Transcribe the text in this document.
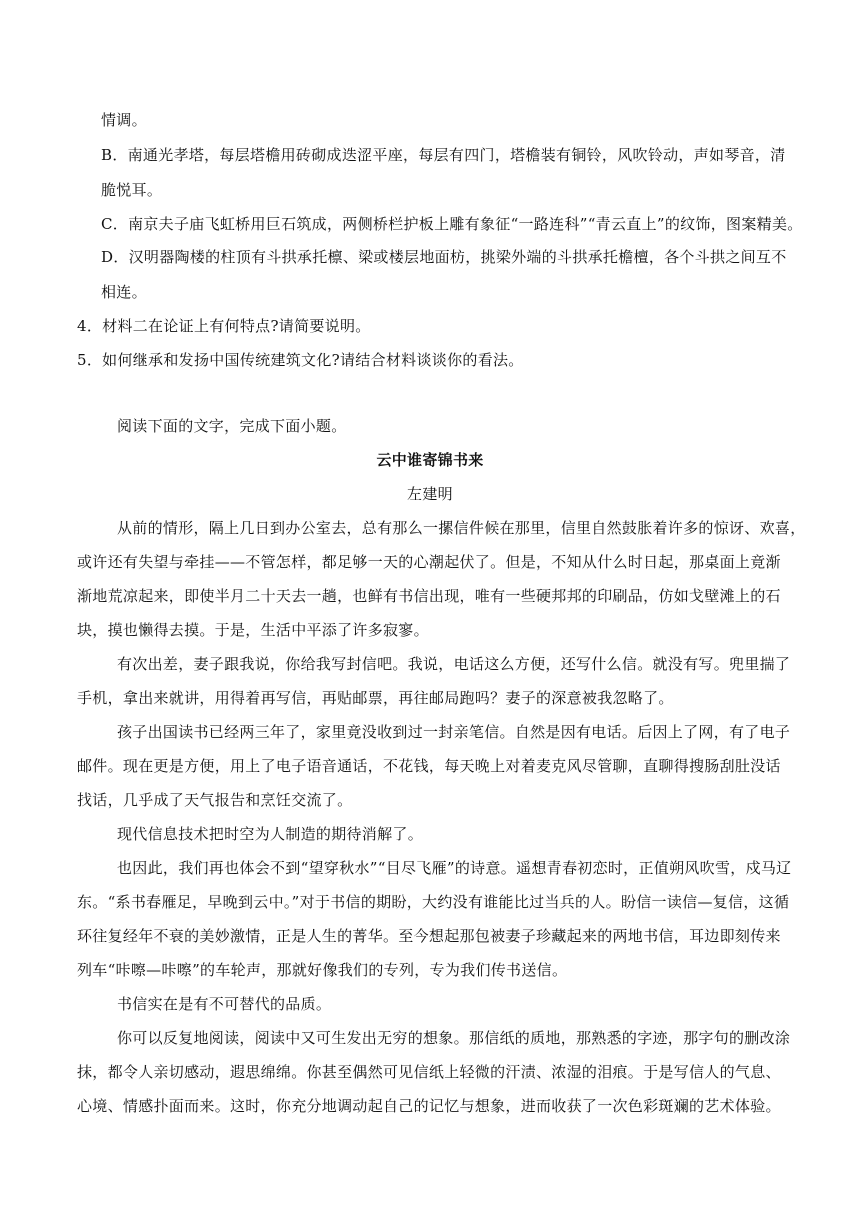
情调。
B．南通光孝塔，每层塔檐用砖砌成迭涩平座，每层有四门，塔檐装有铜铃，风吹铃动，声如琴音，清
脆悦耳。
C．南京夫子庙飞虹桥用巨石筑成，两侧桥栏护板上雕有象征“一路连科”“青云直上”的纹饰，图案精美。
D．汉明器陶楼的柱顶有斗拱承托檩、梁或楼层地面枋，挑梁外端的斗拱承托檐檀，各个斗拱之间互不
相连。
4．材料二在论证上有何特点?请简要说明。
5．如何继承和发扬中国传统建筑文化?请结合材料谈谈你的看法。
阅读下面的文字，完成下面小题。
云中谁寄锦书来
左建明
从前的情形，隔上几日到办公室去，总有那么一摞信件候在那里，信里自然鼓胀着许多的惊讶、欢喜，
或许还有失望与牵挂——不管怎样，都足够一天的心潮起伏了。但是，不知从什么时日起，那桌面上竟渐
渐地荒凉起来，即使半月二十天去一趟，也鲜有书信出现，唯有一些硬邦邦的印刷品，仿如戈壁滩上的石
块，摸也懒得去摸。于是，生活中平添了许多寂寥。
有次出差，妻子跟我说，你给我写封信吧。我说，电话这么方便，还写什么信。就没有写。兜里揣了
手机，拿出来就讲，用得着再写信，再贴邮票，再往邮局跑吗？妻子的深意被我忽略了。
孩子出国读书已经两三年了，家里竟没收到过一封亲笔信。自然是因有电话。后因上了网，有了电子
邮件。现在更是方便，用上了电子语音通话，不花钱，每天晚上对着麦克风尽管聊，直聊得搜肠刮肚没话
找话，几乎成了天气报告和烹饪交流了。
现代信息技术把时空为人制造的期待消解了。
也因此，我们再也体会不到“望穿秋水”“目尽飞雁”的诗意。遥想青春初恋时，正值朔风吹雪，戍马辽
东。“系书春雁足，早晚到云中。”对于书信的期盼，大约没有谁能比过当兵的人。盼信一读信—复信，这循
环往复经年不衰的美妙激情，正是人生的菁华。至今想起那包被妻子珍藏起来的两地书信，耳边即刻传来
列车“咔嚓—咔嚓”的车轮声，那就好像我们的专列，专为我们传书送信。
书信实在是有不可替代的品质。
你可以反复地阅读，阅读中又可生发出无穷的想象。那信纸的质地，那熟悉的字迹，那字句的删改涂
抹，都令人亲切感动，遐思绵绵。你甚至偶然可见信纸上轻微的汗渍、浓湿的泪痕。于是写信人的气息、
心境、情感扑面而来。这时，你充分地调动起自己的记忆与想象，进而收获了一次色彩斑斓的艺术体验。
